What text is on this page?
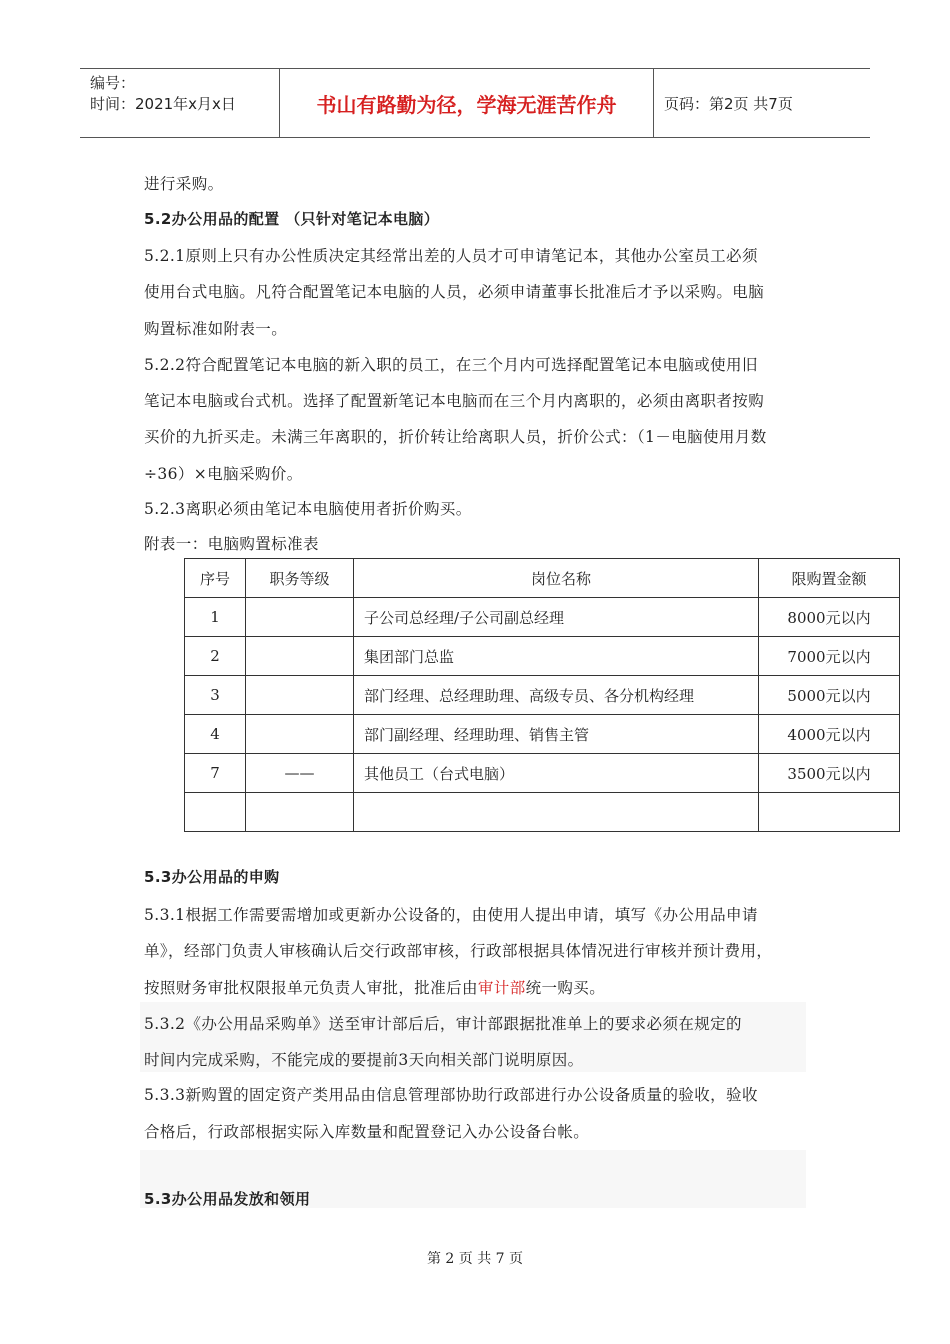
编号：
时间：2021年x月x日	书山有路勤为径，学海无涯苦作舟	页码：第2页 共7页
进行采购。
5.2办公用品的配置 （只针对笔记本电脑）
5.2.1原则上只有办公性质决定其经常出差的人员才可申请笔记本，其他办公室员工必须
使用台式电脑。凡符合配置笔记本电脑的人员，必须申请董事长批准后才予以采购。电脑
购置标准如附表一。
5.2.2符合配置笔记本电脑的新入职的员工，在三个月内可选择配置笔记本电脑或使用旧
笔记本电脑或台式机。选择了配置新笔记本电脑而在三个月内离职的，必须由离职者按购
买价的九折买走。未满三年离职的，折价转让给离职人员，折价公式：（1－电脑使用月数
÷36）×电脑采购价。
5.2.3离职必须由笔记本电脑使用者折价购买。
附表一：电脑购置标准表
序号	职务等级	岗位名称	限购置金额
1		子公司总经理/子公司副总经理	8000元以内
2		集团部门总监	7000元以内
3		部门经理、总经理助理、高级专员、各分机构经理	5000元以内
4		部门副经理、经理助理、销售主管	4000元以内
7	——	其他员工（台式电脑）	3500元以内

5.3办公用品的申购
5.3.1根据工作需要需增加或更新办公设备的，由使用人提出申请，填写《办公用品申请
单》，经部门负责人审核确认后交行政部审核，行政部根据具体情况进行审核并预计费用，
按照财务审批权限报单元负责人审批，批准后由审计部统一购买。
5.3.2《办公用品采购单》送至审计部后后，审计部跟据批准单上的要求必须在规定的
时间内完成采购，不能完成的要提前3天向相关部门说明原因。
5.3.3新购置的固定资产类用品由信息管理部协助行政部进行办公设备质量的验收，验收
合格后，行政部根据实际入库数量和配置登记入办公设备台帐。
5.3办公用品发放和领用
第 2 页 共 7 页
